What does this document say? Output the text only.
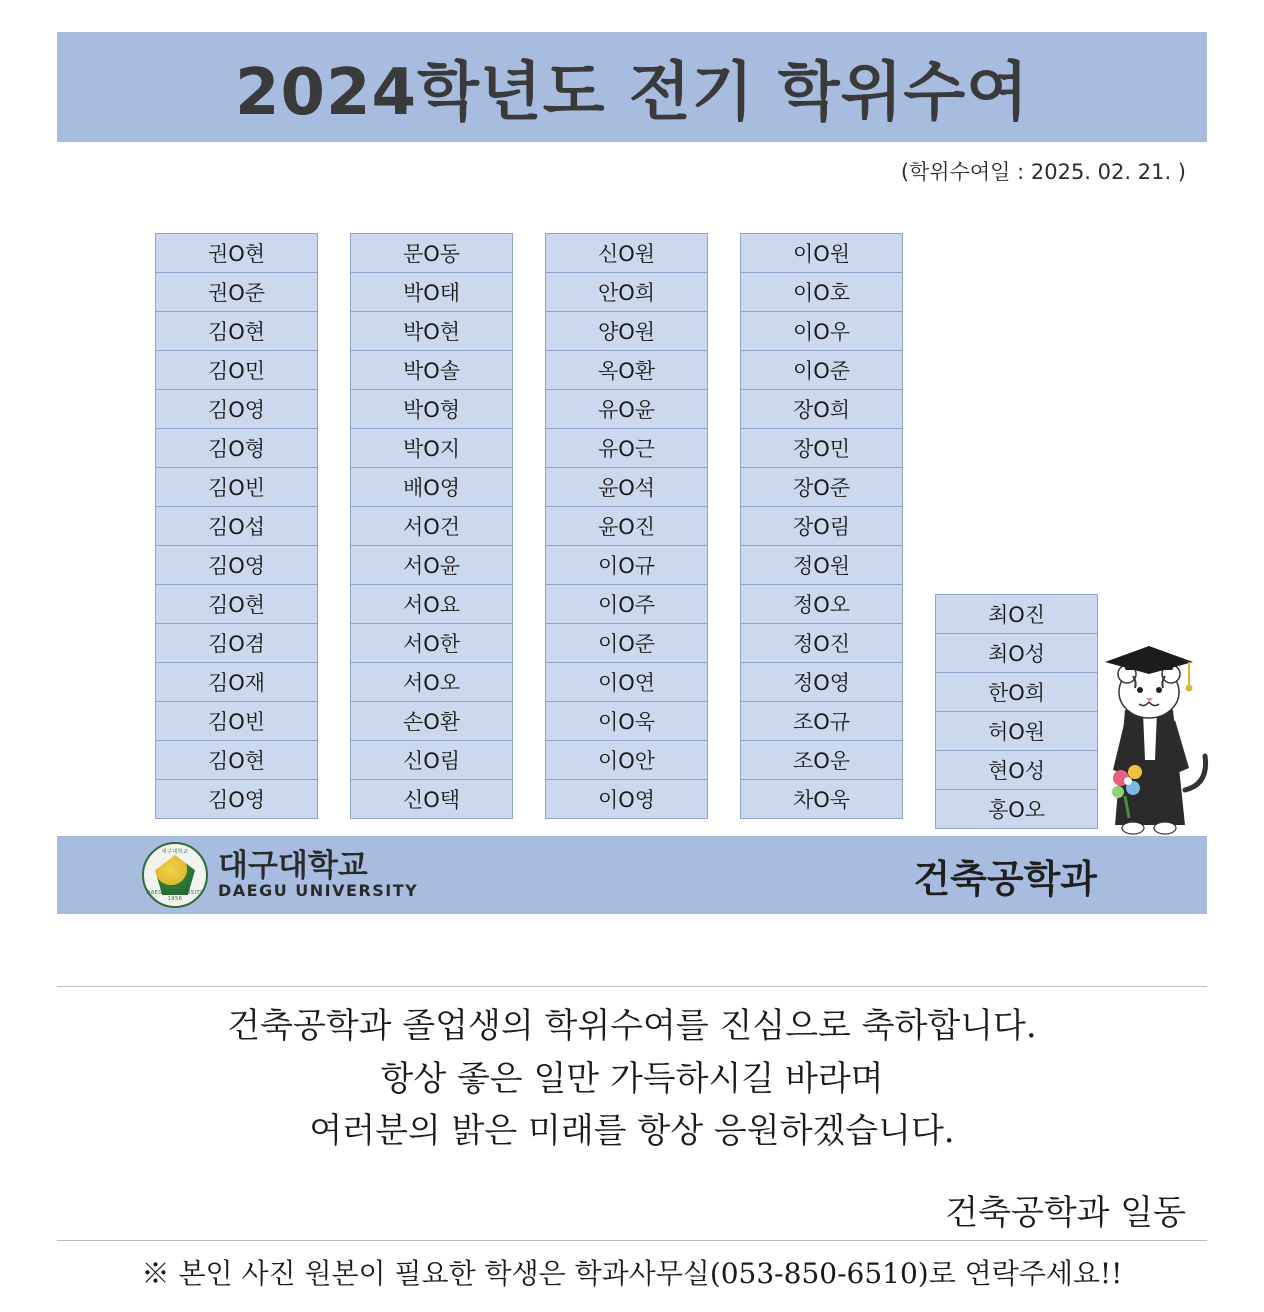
2024학년도 전기 학위수여
(학위수여일 : 2025. 02. 21. )
권O현
권O준
김O현
김O민
김O영
김O형
김O빈
김O섭
김O영
김O현
김O겸
김O재
김O빈
김O현
김O영
문O동
박O태
박O현
박O솔
박O형
박O지
배O영
서O건
서O윤
서O요
서O한
서O오
손O환
신O림
신O택
신O원
안O희
양O원
옥O환
유O윤
유O근
윤O석
윤O진
이O규
이O주
이O준
이O연
이O욱
이O안
이O영
이O원
이O호
이O우
이O준
장O희
장O민
장O준
장O림
정O원
정O오
정O진
정O영
조O규
조O운
차O욱
최O진
최O성
한O희
허O원
현O성
홍O오
대구대학교
DAEGU UNIVERSITY 1956
대구대학교
DAEGU UNIVERSITY	건축공학과
건축공학과 졸업생의 학위수여를 진심으로 축하합니다.
항상 좋은 일만 가득하시길 바라며
여러분의 밝은 미래를 항상 응원하겠습니다.
건축공학과 일동
※ 본인 사진 원본이 필요한 학생은 학과사무실(053-850-6510)로 연락주세요!!
